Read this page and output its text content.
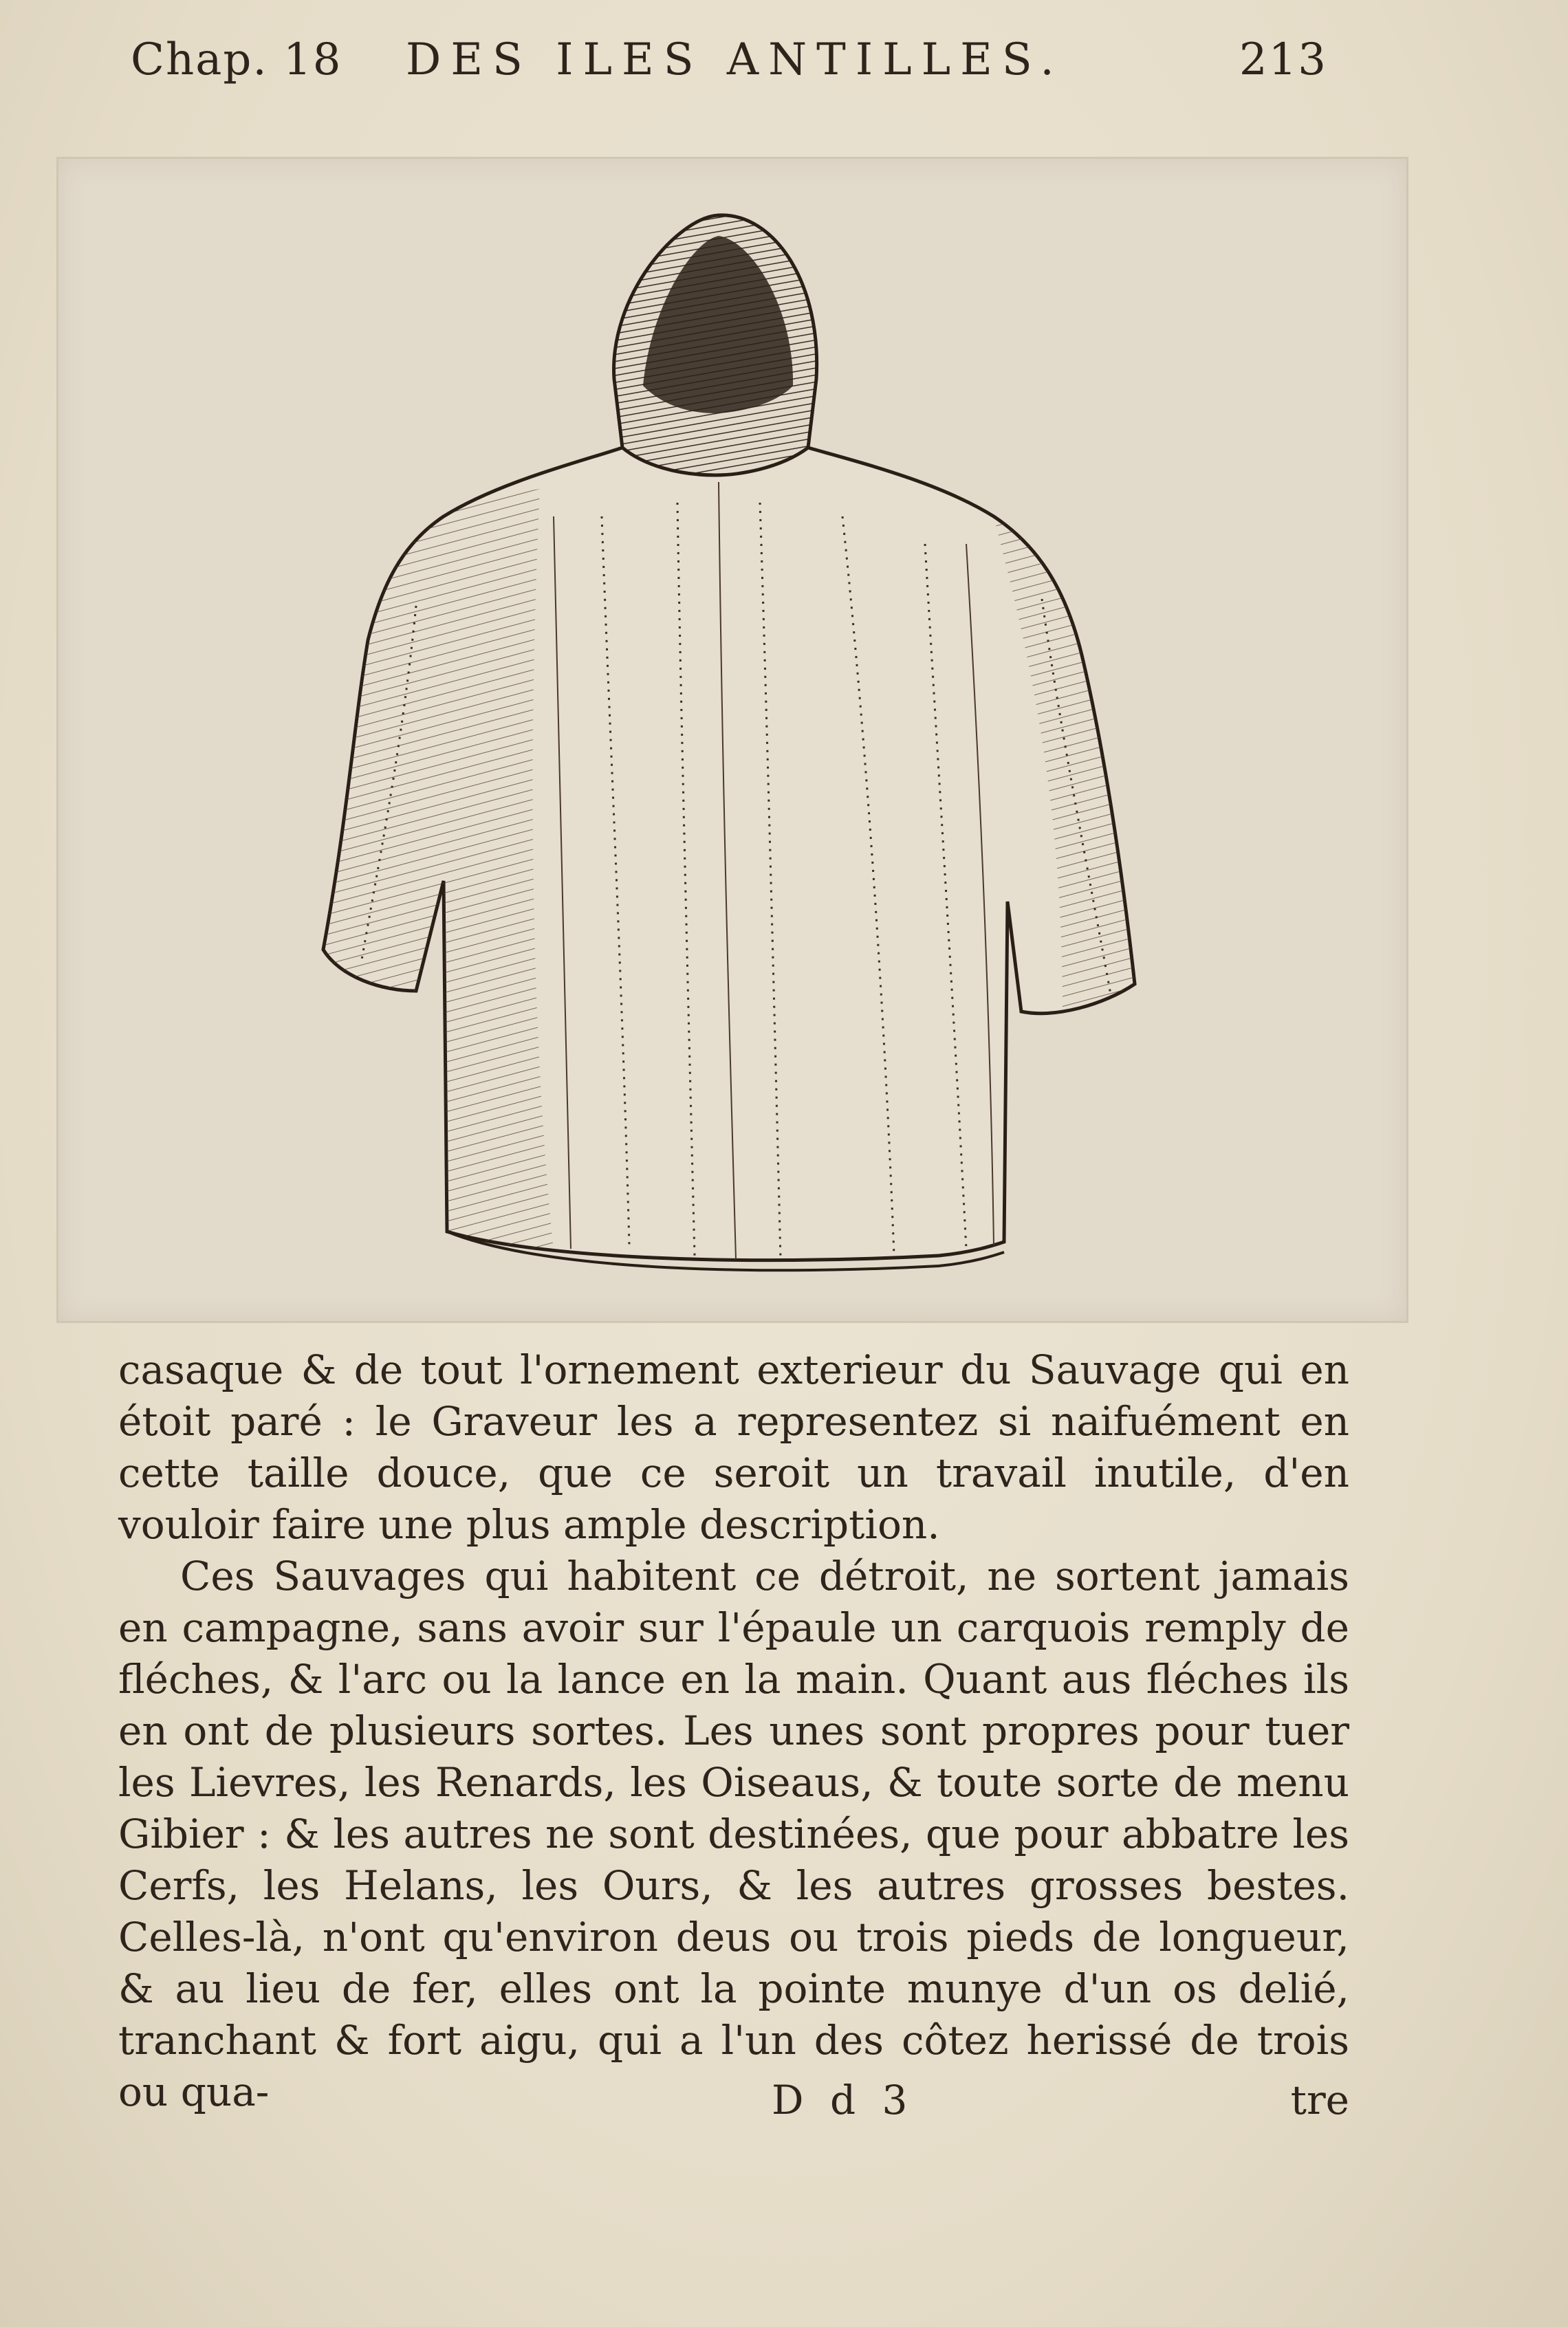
Chap. 18 DES ILES ANTILLES.	213

casaque & de tout l'ornement exterieur du Sauvage qui en étoit paré : le Graveur les a representez si naifuément en cette taille douce, que ce seroit un travail inutile, d'en vouloir faire une plus ample description.

Ces Sauvages qui habitent ce détroit, ne sortent jamais en campagne, sans avoir sur l'épaule un carquois remply de fléches, & l'arc ou la lance en la main. Quant aus fléches ils en ont de plusieurs sortes. Les unes sont propres pour tuer les Lievres, les Renards, les Oiseaus, & toute sorte de menu Gibier : & les autres ne sont destinées, que pour abbatre les Cerfs, les Helans, les Ours, & les autres grosses bestes. Celles-là, n'ont qu'environ deus ou trois pieds de longueur, & au lieu de fer, elles ont la pointe munye d'un os delié, tranchant & fort aigu, qui a l'un des côtez herissé de trois ou qua-	D d 3	tre
